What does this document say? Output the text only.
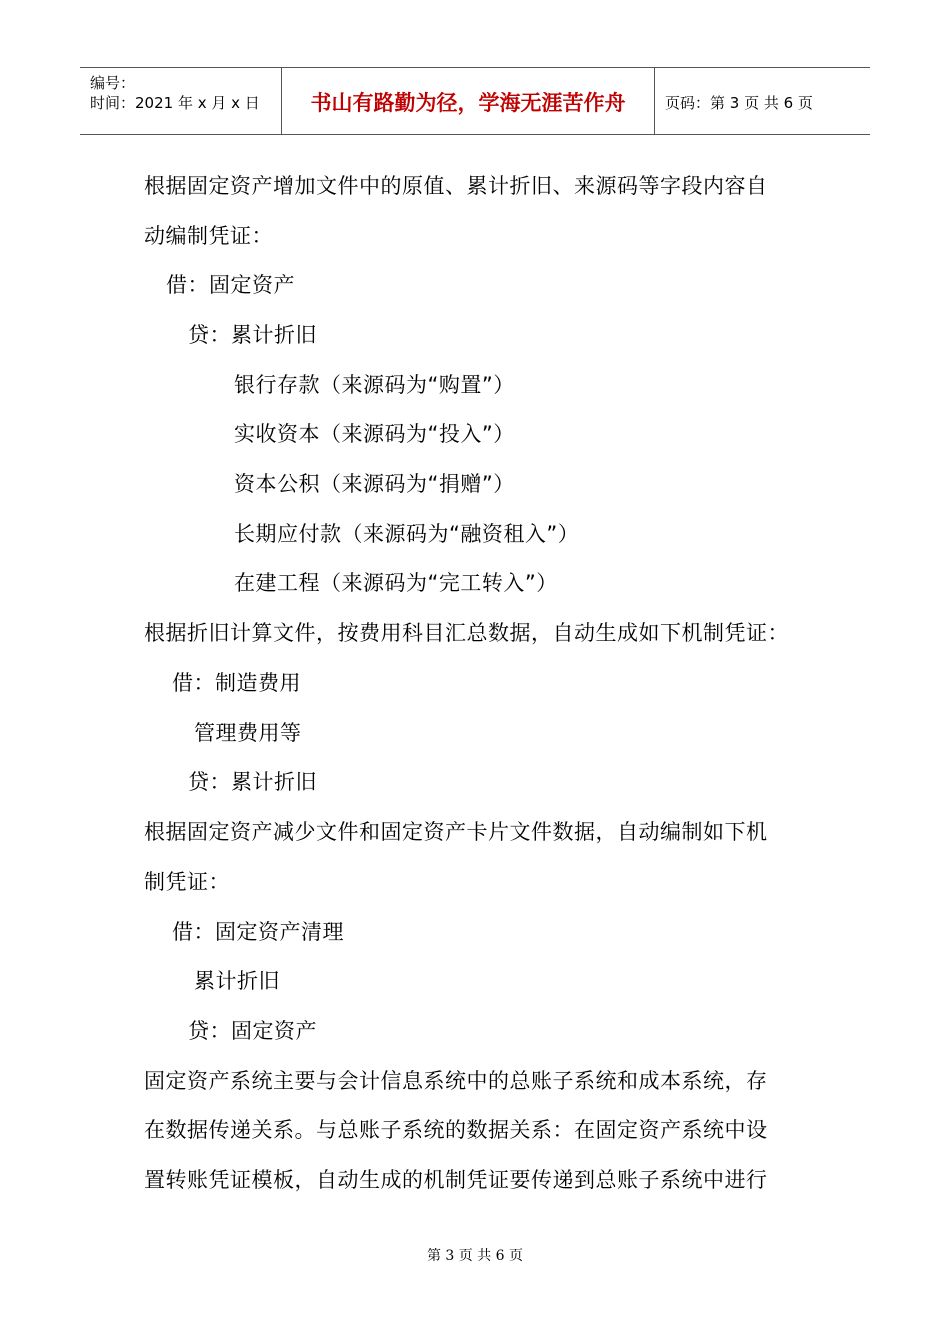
编号：
时间：2021 年 x 月 x 日	书山有路勤为径，学海无涯苦作舟	页码：第 3 页 共 6 页
根据固定资产增加文件中的原值、累计折旧、来源码等字段内容自
动编制凭证：
借：固定资产
贷：累计折旧
银行存款（来源码为“购置”）
实收资本（来源码为“投入”）
资本公积（来源码为“捐赠”）
长期应付款（来源码为“融资租入”）
在建工程（来源码为“完工转入”）
根据折旧计算文件，按费用科目汇总数据，自动生成如下机制凭证：
借：制造费用
管理费用等
贷：累计折旧
根据固定资产减少文件和固定资产卡片文件数据，自动编制如下机
制凭证：
借：固定资产清理
累计折旧
贷：固定资产
固定资产系统主要与会计信息系统中的总账子系统和成本系统，存
在数据传递关系。与总账子系统的数据关系：在固定资产系统中设
置转账凭证模板，自动生成的机制凭证要传递到总账子系统中进行
第 3 页 共 6 页
